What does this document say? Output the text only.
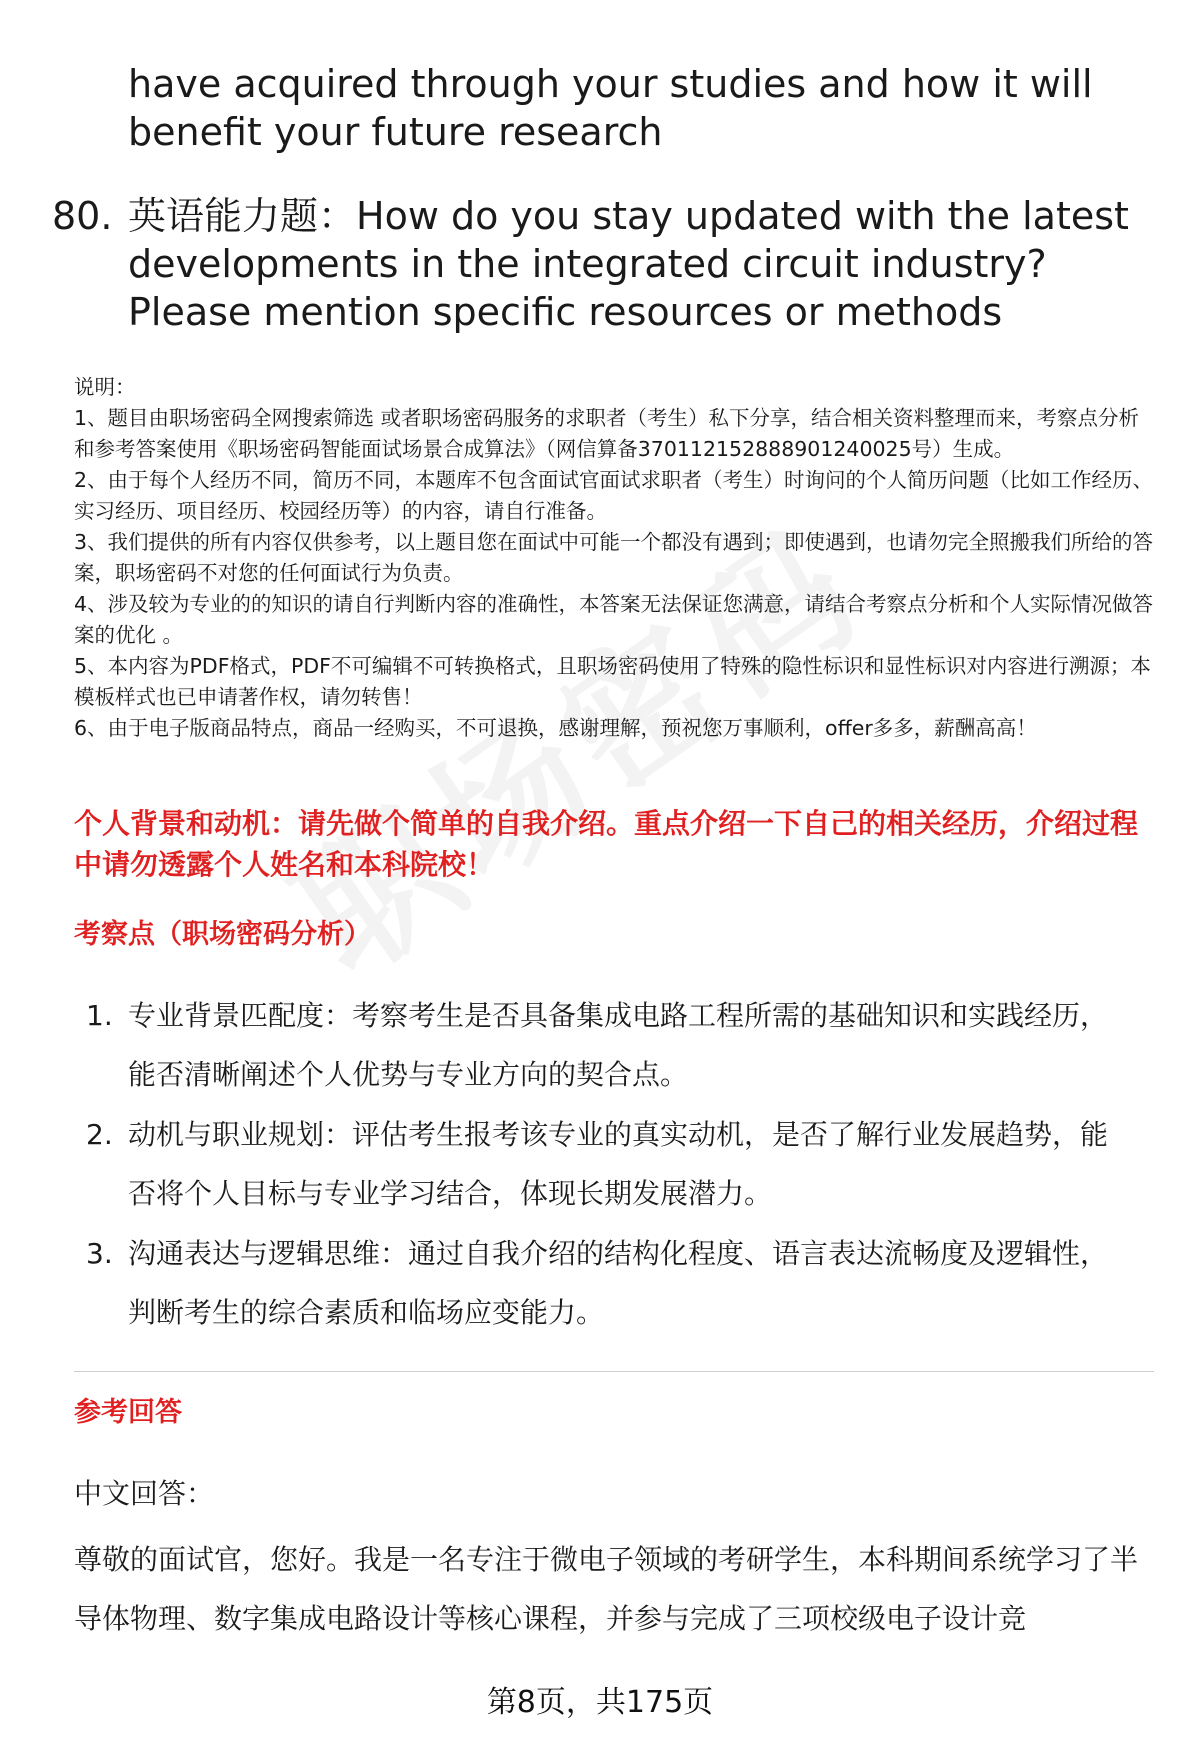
have acquired through your studies and how it will benefit your future research

80. 英语能力题：How do you stay updated with the latest developments in the integrated circuit industry? Please mention specific resources or methods

说明：

1、题目由职场密码全网搜索筛选 或者职场密码服务的求职者（考生）私下分享，结合相关资料整理而来，考察点分析和参考答案使用《职场密码智能面试场景合成算法》（网信算备370112152888901240025号）生成。

2、由于每个人经历不同，简历不同，本题库不包含面试官面试求职者（考生）时询问的个人简历问题（比如工作经历、实习经历、项目经历、校园经历等）的内容，请自行准备。

3、我们提供的所有内容仅供参考，以上题目您在面试中可能一个都没有遇到；即使遇到，也请勿完全照搬我们所给的答案，职场密码不对您的任何面试行为负责。

4、涉及较为专业的的知识的请自行判断内容的准确性，本答案无法保证您满意，请结合考察点分析和个人实际情况做答案的优化 。

5、本内容为PDF格式，PDF不可编辑不可转换格式，且职场密码使用了特殊的隐性标识和显性标识对内容进行溯源；本模板样式也已申请著作权，请勿转售！

6、由于电子版商品特点，商品一经购买，不可退换，感谢理解，预祝您万事顺利，offer多多，薪酬高高！

个人背景和动机：请先做个简单的自我介绍。重点介绍一下自己的相关经历，介绍过程中请勿透露个人姓名和本科院校！

考察点（职场密码分析）

1. 专业背景匹配度：考察考生是否具备集成电路工程所需的基础知识和实践经历，能否清晰阐述个人优势与专业方向的契合点。
2. 动机与职业规划：评估考生报考该专业的真实动机，是否了解行业发展趋势，能否将个人目标与专业学习结合，体现长期发展潜力。
3. 沟通表达与逻辑思维：通过自我介绍的结构化程度、语言表达流畅度及逻辑性，判断考生的综合素质和临场应变能力。

参考回答

中文回答：

尊敬的面试官，您好。我是一名专注于微电子领域的考研学生，本科期间系统学习了半导体物理、数字集成电路设计等核心课程，并参与完成了三项校级电子设计竞

第8页，共175页
